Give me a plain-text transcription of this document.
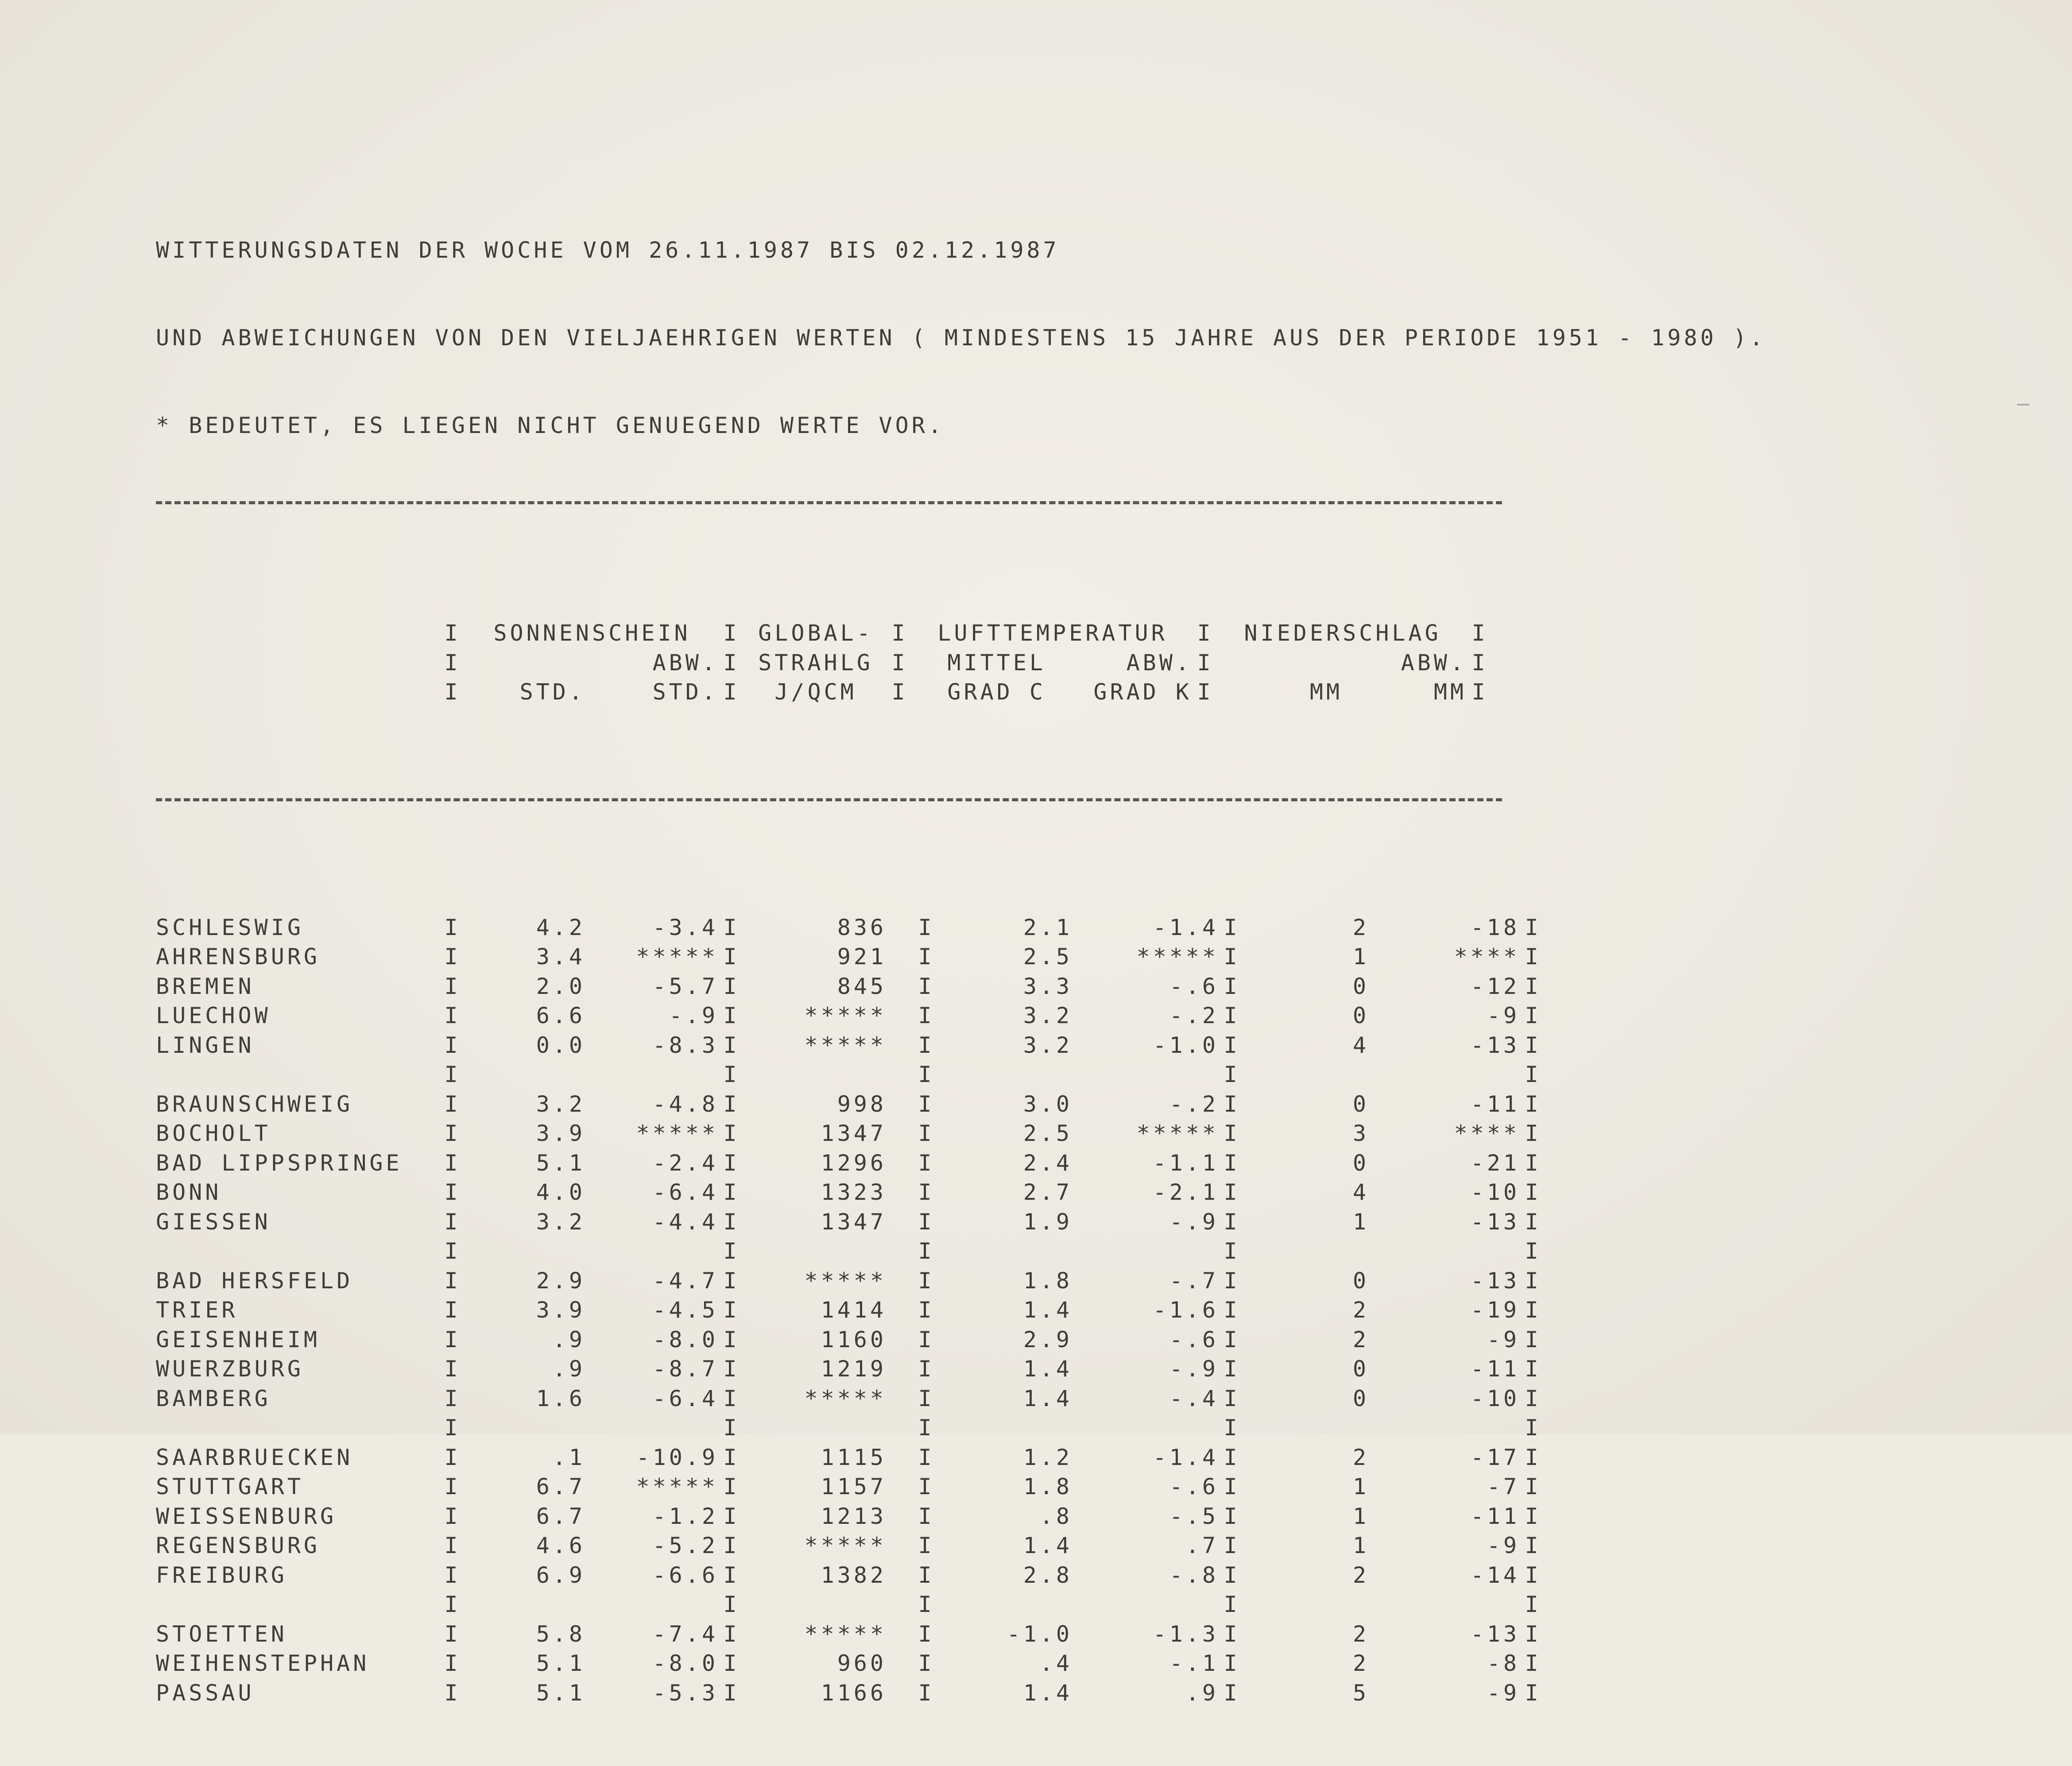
WITTERUNGSDATEN DER WOCHE VOM 26.11.1987 BIS 02.12.1987

UND ABWEICHUNGEN VON DEN VIELJAEHRIGEN WERTEN ( MINDESTENS 15 JAHRE AUS DER PERIODE 1951 - 1980 ).

* BEDEUTET, ES LIEGEN NICHT GENUEGEND WERTE VOR.

	I	SONNENSCHEIN		I	GLOBAL-	I	LUFTTEMPERATUR		I	NIEDERSCHLAG		I
	I		ABW.	I	STRAHLG	I	MITTEL	ABW.	I		ABW.	I
	I	STD.	STD.	I	J/QCM	I	GRAD C	GRAD K	I	MM	MM	I

SCHLESWIG	I	4.2	-3.4	I	836	I	2.1	-1.4	I	2	-18	I
AHRENSBURG	I	3.4	*****	I	921	I	2.5	*****	I	1	****	I
BREMEN	I	2.0	-5.7	I	845	I	3.3	-.6	I	0	-12	I
LUECHOW	I	6.6	-.9	I	*****	I	3.2	-.2	I	0	-9	I
LINGEN	I	0.0	-8.3	I	*****	I	3.2	-1.0	I	4	-13	I
	I			I		I			I			I
BRAUNSCHWEIG	I	3.2	-4.8	I	998	I	3.0	-.2	I	0	-11	I
BOCHOLT	I	3.9	*****	I	1347	I	2.5	*****	I	3	****	I
BAD LIPPSPRINGE	I	5.1	-2.4	I	1296	I	2.4	-1.1	I	0	-21	I
BONN	I	4.0	-6.4	I	1323	I	2.7	-2.1	I	4	-10	I
GIESSEN	I	3.2	-4.4	I	1347	I	1.9	-.9	I	1	-13	I
	I			I		I			I			I
BAD HERSFELD	I	2.9	-4.7	I	*****	I	1.8	-.7	I	0	-13	I
TRIER	I	3.9	-4.5	I	1414	I	1.4	-1.6	I	2	-19	I
GEISENHEIM	I	.9	-8.0	I	1160	I	2.9	-.6	I	2	-9	I
WUERZBURG	I	.9	-8.7	I	1219	I	1.4	-.9	I	0	-11	I
BAMBERG	I	1.6	-6.4	I	*****	I	1.4	-.4	I	0	-10	I
	I			I		I			I			I
SAARBRUECKEN	I	.1	-10.9	I	1115	I	1.2	-1.4	I	2	-17	I
STUTTGART	I	6.7	*****	I	1157	I	1.8	-.6	I	1	-7	I
WEISSENBURG	I	6.7	-1.2	I	1213	I	.8	-.5	I	1	-11	I
REGENSBURG	I	4.6	-5.2	I	*****	I	1.4	.7	I	1	-9	I
FREIBURG	I	6.9	-6.6	I	1382	I	2.8	-.8	I	2	-14	I
	I			I		I			I			I
STOETTEN	I	5.8	-7.4	I	*****	I	-1.0	-1.3	I	2	-13	I
WEIHENSTEPHAN	I	5.1	-8.0	I	960	I	.4	-.1	I	2	-8	I
PASSAU	I	5.1	-5.3	I	1166	I	1.4	.9	I	5	-9	I
